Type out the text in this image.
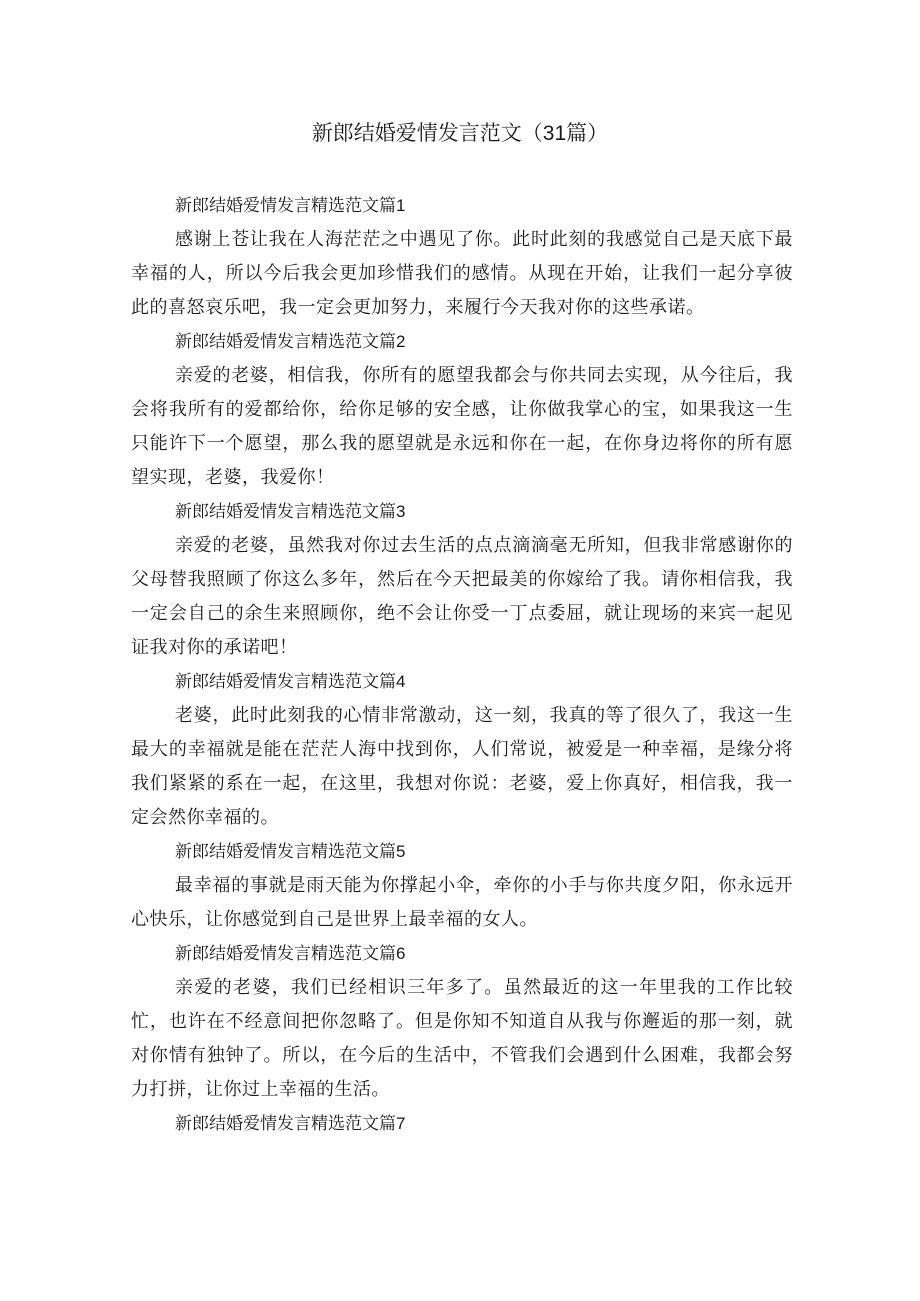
新郎结婚爱情发言范文（31篇）
新郎结婚爱情发言精选范文篇1

感谢上苍让我在人海茫茫之中遇见了你。此时此刻的我感觉自己是天底下最幸福的人，所以今后我会更加珍惜我们的感情。从现在开始，让我们一起分享彼此的喜怒哀乐吧，我一定会更加努力，来履行今天我对你的这些承诺。

新郎结婚爱情发言精选范文篇2

亲爱的老婆，相信我，你所有的愿望我都会与你共同去实现，从今往后，我会将我所有的爱都给你，给你足够的安全感，让你做我掌心的宝，如果我这一生只能许下一个愿望，那么我的愿望就是永远和你在一起，在你身边将你的所有愿望实现，老婆，我爱你！

新郎结婚爱情发言精选范文篇3

亲爱的老婆，虽然我对你过去生活的点点滴滴毫无所知，但我非常感谢你的父母替我照顾了你这么多年，然后在今天把最美的你嫁给了我。请你相信我，我一定会自己的余生来照顾你，绝不会让你受一丁点委屈，就让现场的来宾一起见证我对你的承诺吧！

新郎结婚爱情发言精选范文篇4

老婆，此时此刻我的心情非常激动，这一刻，我真的等了很久了，我这一生最大的幸福就是能在茫茫人海中找到你，人们常说，被爱是一种幸福，是缘分将我们紧紧的系在一起，在这里，我想对你说：老婆，爱上你真好，相信我，我一定会然你幸福的。

新郎结婚爱情发言精选范文篇5

最幸福的事就是雨天能为你撑起小伞，牵你的小手与你共度夕阳，你永远开心快乐，让你感觉到自己是世界上最幸福的女人。

新郎结婚爱情发言精选范文篇6

亲爱的老婆，我们已经相识三年多了。虽然最近的这一年里我的工作比较忙，也许在不经意间把你忽略了。但是你知不知道自从我与你邂逅的那一刻，就对你情有独钟了。所以，在今后的生活中，不管我们会遇到什么困难，我都会努力打拼，让你过上幸福的生活。

新郎结婚爱情发言精选范文篇7
